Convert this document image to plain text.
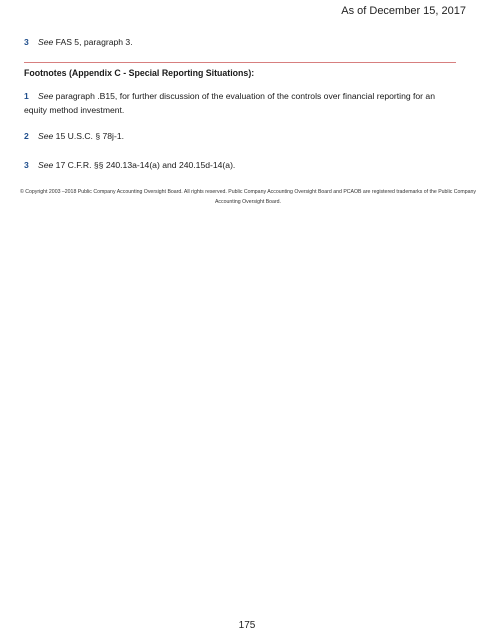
As of December 15, 2017
3 See FAS 5, paragraph 3.
Footnotes (Appendix C - Special Reporting Situations):
1 See paragraph .B15, for further discussion of the evaluation of the controls over financial reporting for an equity method investment.
2 See 15 U.S.C. § 78j-1.
3 See 17 C.F.R. §§ 240.13a-14(a) and 240.15d-14(a).
© Copyright 2003 –2018 Public Company Accounting Oversight Board. All rights reserved. Public Company Accounting Oversight Board and PCAOB are registered trademarks of the Public Company Accounting Oversight Board.
175
